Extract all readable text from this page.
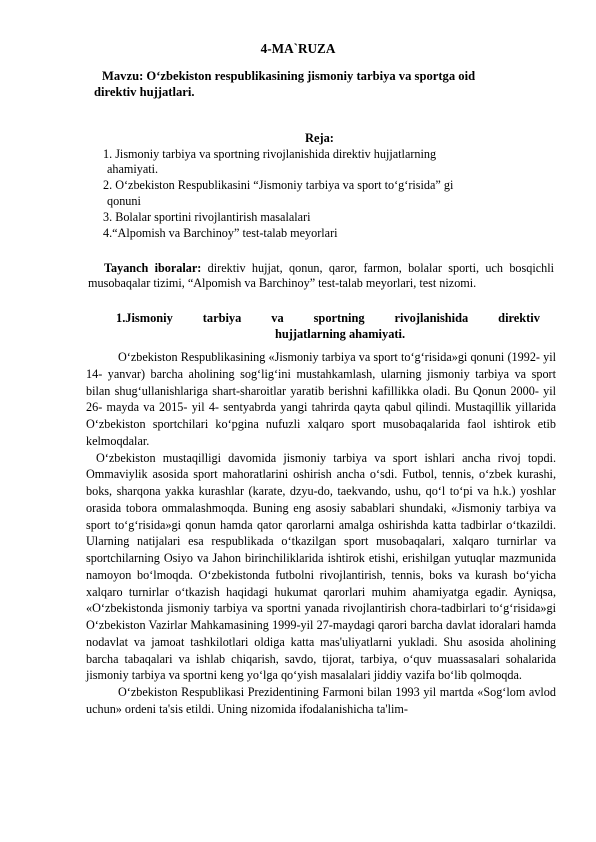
4-MA`RUZA
Mavzu: O‘zbekiston respublikasining jismoniy tarbiya va sportga oid
direktiv hujjatlari.
Reja:
1. Jismoniy tarbiya va sportning rivojlanishida direktiv hujjatlarning
ahamiyati.
2. O‘zbekiston Respublikasini “Jismoniy tarbiya va sport to‘g‘risida” gi
qonuni
3. Bolalar sportini rivojlantirish masalalari
4.“Alpomish va Barchinoy” test-talab meyorlari
Tayanch iboralar: direktiv hujjat, qonun, qaror, farmon, bolalar sporti, uch bosqichli musobaqalar tizimi, “Alpomish va Barchinoy” test-talab meyorlari, test nizomi.
1.Jismoniy tarbiya va sportning rivojlanishida direktiv
hujjatlarning ahamiyati.

O‘zbekiston Respublikasining «Jismoniy tarbiya va sport to‘g‘risida»gi qonuni (1992- yil 14- yanvar) barcha aholining sog‘lig‘ini mustahkamlash, ularning jismoniy tarbiya va sport bilan shug‘ullanishlariga shart-sharoitlar yaratib berishni kafillikka oladi. Bu Qonun 2000- yil 26- mayda va 2015- yil 4- sentyabrda yangi tahrirda qayta qabul qilindi. Mustaqillik yillarida O‘zbekiston sportchilari ko‘pgina nufuzli xalqaro sport musobaqalarida faol ishtirok etib kelmoqdalar.

O‘zbekiston mustaqilligi davomida jismoniy tarbiya va sport ishlari ancha rivoj topdi. Ommaviylik asosida sport mahoratlarini oshirish ancha o‘sdi. Futbol, tennis, o‘zbek kurashi, boks, sharqona yakka kurashlar (karate, dzyu-do, taekvando, ushu, qo‘l to‘pi va h.k.) yoshlar orasida tobora ommalashmoqda. Buning eng asosiy sabablari shundaki, «Jismoniy tarbiya va sport to‘g‘risida»gi qonun hamda qator qarorlarni amalga oshirishda katta tadbirlar o‘tkazildi. Ularning natijalari esa respublikada o‘tkazilgan sport musobaqalari, xalqaro turnirlar va sportchilarning Osiyo va Jahon birinchiliklarida ishtirok etishi, erishilgan yutuqlar mazmunida namoyon bo‘lmoqda. O‘zbekistonda futbolni rivojlantirish, tennis, boks va kurash bo‘yicha xalqaro turnirlar o‘tkazish haqidagi hukumat qarorlari muhim ahamiyatga egadir. Ayniqsa, «O‘zbekistonda jismoniy tarbiya va sportni yanada rivojlantirish chora-tadbirlari to‘g‘risida»gi O‘zbekiston Vazirlar Mahkamasining 1999-yil 27-maydagi qarori barcha davlat idoralari hamda nodavlat va jamoat tashkilotlari oldiga katta mas'uliyatlarni yukladi. Shu asosida aholining barcha tabaqalari va ishlab chiqarish, savdo, tijorat, tarbiya, o‘quv muassasalari sohalarida jismoniy tarbiya va sportni keng yo‘lga qo‘yish masalalari jiddiy vazifa bo‘lib qolmoqda.

O‘zbekiston Respublikasi Prezidentining Farmoni bilan 1993 yil martda «Sog‘lom avlod uchun» ordeni ta'sis etildi. Uning nizomida ifodalanishicha ta'lim-
